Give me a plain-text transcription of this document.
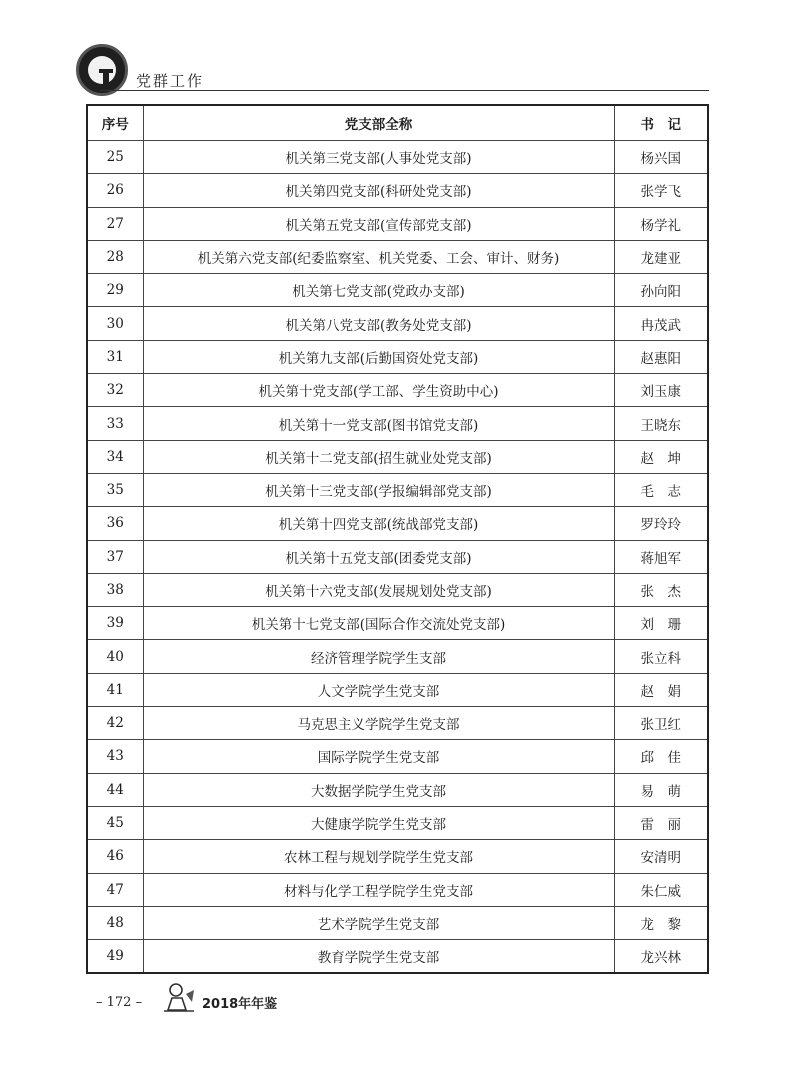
党群工作
序号	党支部全称	书　记
25	机关第三党支部(人事处党支部)	杨兴国
26	机关第四党支部(科研处党支部)	张学飞
27	机关第五党支部(宣传部党支部)	杨学礼
28	机关第六党支部(纪委监察室、机关党委、工会、审计、财务)	龙建亚
29	机关第七党支部(党政办支部)	孙向阳
30	机关第八党支部(教务处党支部)	冉茂武
31	机关第九支部(后勤国资处党支部)	赵惠阳
32	机关第十党支部(学工部、学生资助中心)	刘玉康
33	机关第十一党支部(图书馆党支部)	王晓东
34	机关第十二党支部(招生就业处党支部)	赵　坤
35	机关第十三党支部(学报编辑部党支部)	毛　志
36	机关第十四党支部(统战部党支部)	罗玲玲
37	机关第十五党支部(团委党支部)	蒋旭军
38	机关第十六党支部(发展规划处党支部)	张　杰
39	机关第十七党支部(国际合作交流处党支部)	刘　珊
40	经济管理学院学生支部	张立科
41	人文学院学生党支部	赵　娟
42	马克思主义学院学生党支部	张卫红
43	国际学院学生党支部	邱　佳
44	大数据学院学生党支部	易　萌
45	大健康学院学生党支部	雷　丽
46	农林工程与规划学院学生党支部	安清明
47	材料与化学工程学院学生党支部	朱仁威
48	艺术学院学生党支部	龙　黎
49	教育学院学生党支部	龙兴林
– 172 –	2018年年鉴
